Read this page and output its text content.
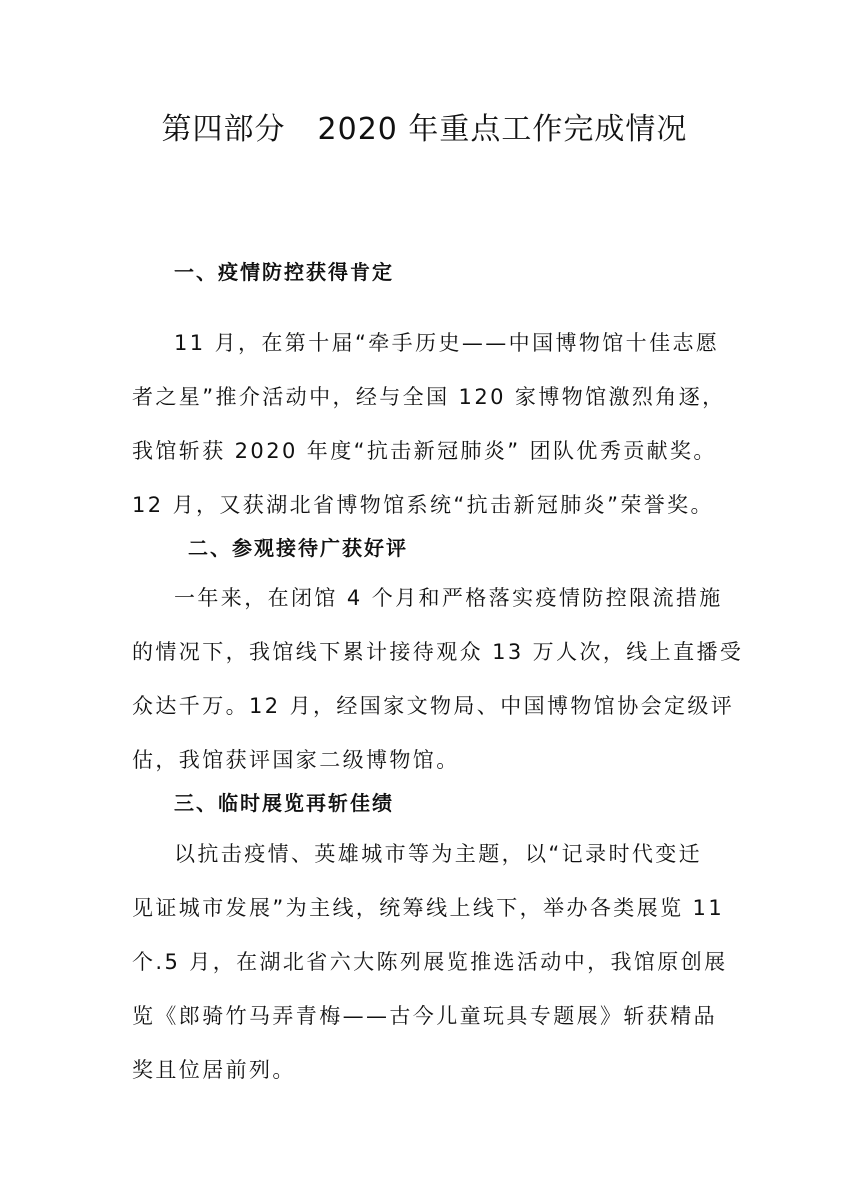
第四部分 2020 年重点工作完成情况
一、疫情防控获得肯定
11 月，在第十届“牵手历史——中国博物馆十佳志愿
者之星”推介活动中，经与全国 120 家博物馆激烈角逐，
我馆斩获 2020 年度“抗击新冠肺炎” 团队优秀贡献奖。
12 月，又获湖北省博物馆系统“抗击新冠肺炎”荣誉奖。
二、参观接待广获好评
一年来，在闭馆 4 个月和严格落实疫情防控限流措施
的情况下，我馆线下累计接待观众 13 万人次，线上直播受
众达千万。12 月，经国家文物局、中国博物馆协会定级评
估，我馆获评国家二级博物馆。
三、临时展览再斩佳绩
以抗击疫情、英雄城市等为主题，以“记录时代变迁
见证城市发展”为主线，统筹线上线下，举办各类展览 11
个.5 月，在湖北省六大陈列展览推选活动中，我馆原创展
览《郎骑竹马弄青梅——古今儿童玩具专题展》斩获精品
奖且位居前列。
